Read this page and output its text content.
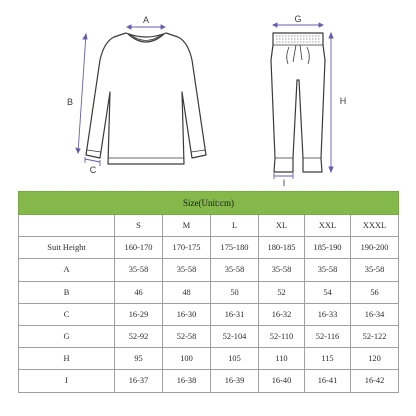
A
B
C
G
H
I
Size(Unit:cm)						
	S	M	L	XL	XXL	XXXL
Suit Height	160-170	170-175	175-180	180-185	185-190	190-200
A	35-58	35-58	35-58	35-58	35-58	35-58
B	46	48	50	52	54	56
C	16-29	16-30	16-31	16-32	16-33	16-34
G	52-92	52-58	52-104	52-110	52-116	52-122
H	95	100	105	110	115	120
I	16-37	16-38	16-39	16-40	16-41	16-42
